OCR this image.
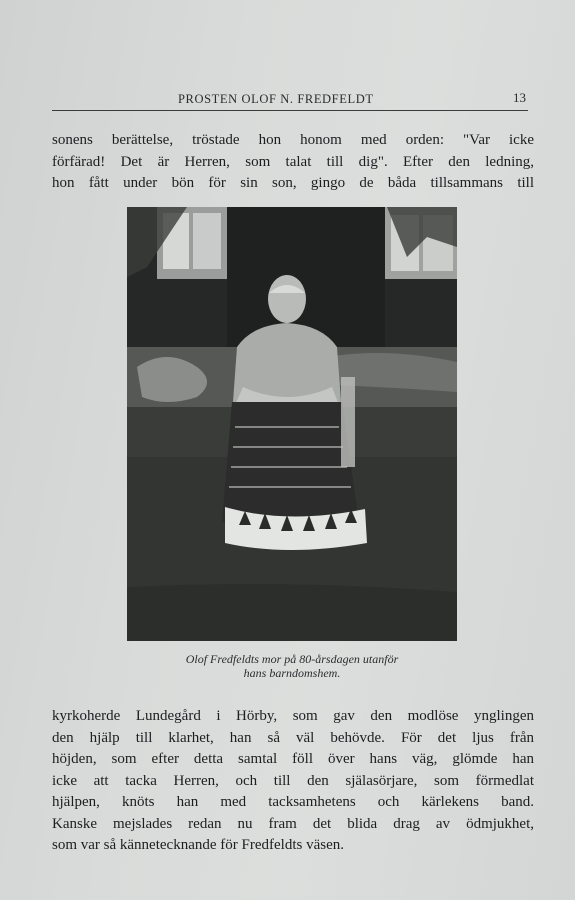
PROSTEN OLOF N. FREDFELDT	13
sonens berättelse, tröstade hon honom med orden: "Var icke
förfärad! Det är Herren, som talat till dig". Efter den ledning,
hon fått under bön för sin son, gingo de båda tillsammans till
Olof Fredfeldts mor på 80-årsdagen utanför
hans barndomshem.
kyrkoherde Lundegård i Hörby, som gav den modlöse ynglingen
den hjälp till klarhet, han så väl behövde. För det ljus från
höjden, som efter detta samtal föll över hans väg, glömde han
icke att tacka Herren, och till den själasörjare, som förmedlat
hjälpen, knöts han med tacksamhetens och kärlekens band.
Kanske mejslades redan nu fram det blida drag av ödmjukhet,
som var så kännetecknande för Fredfeldts väsen.
